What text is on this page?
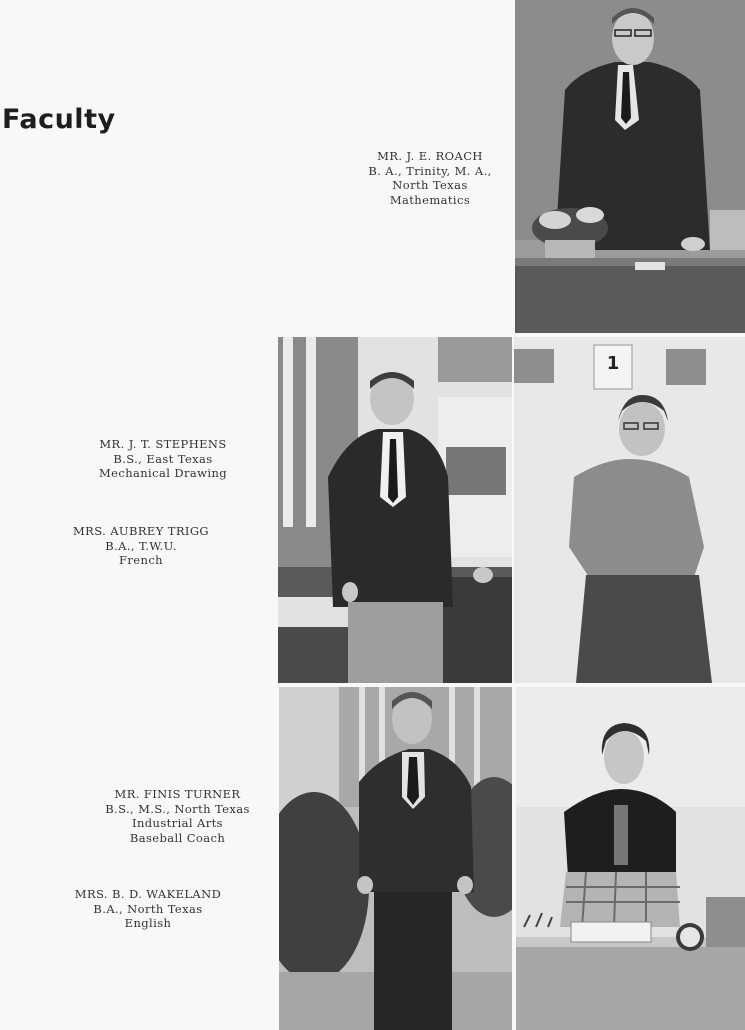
Faculty
MR. J. E. ROACH
B. A., Trinity, M. A.,
North Texas
Mathematics
MR. J. T. STEPHENS
B.S., East Texas
Mechanical Drawing
MRS. AUBREY TRIGG
B.A., T.W.U.
French
MR. FINIS TURNER
B.S., M.S., North Texas
Industrial Arts
Baseball Coach
MRS. B. D. WAKELAND
B.A., North Texas
English
1
